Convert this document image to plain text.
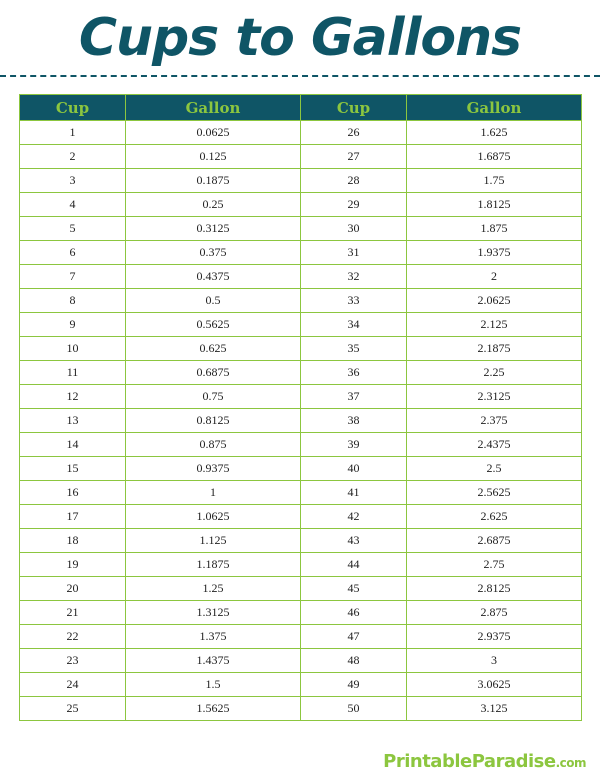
Cups to Gallons
Cup	Gallon	Cup	Gallon
1	0.0625	26	1.625
2	0.125	27	1.6875
3	0.1875	28	1.75
4	0.25	29	1.8125
5	0.3125	30	1.875
6	0.375	31	1.9375
7	0.4375	32	2
8	0.5	33	2.0625
9	0.5625	34	2.125
10	0.625	35	2.1875
11	0.6875	36	2.25
12	0.75	37	2.3125
13	0.8125	38	2.375
14	0.875	39	2.4375
15	0.9375	40	2.5
16	1	41	2.5625
17	1.0625	42	2.625
18	1.125	43	2.6875
19	1.1875	44	2.75
20	1.25	45	2.8125
21	1.3125	46	2.875
22	1.375	47	2.9375
23	1.4375	48	3
24	1.5	49	3.0625
25	1.5625	50	3.125
PrintableParadise.com
